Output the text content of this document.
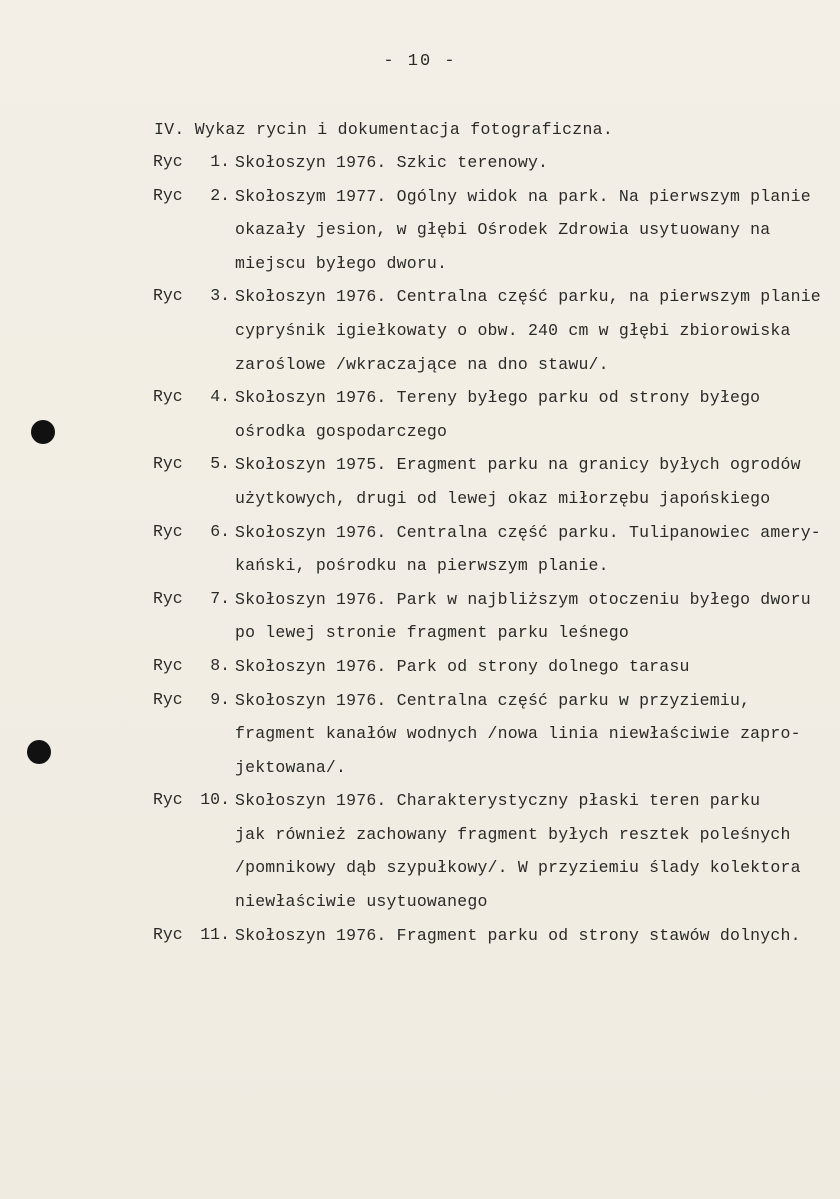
- 10 -
IV. Wykaz rycin i dokumentacja fotograficzna.
Ryc	1. Skołoszyn 1976. Szkic terenowy.
Ryc	2. Skołoszym 1977. Ogólny widok na park. Na pierwszym planie
okazały jesion, w głębi Ośrodek Zdrowia usytuowany na
miejscu byłego dworu.
Ryc	3. Skołoszyn 1976. Centralna część parku, na pierwszym planie
cypryśnik igiełkowaty o obw. 240 cm w głębi zbiorowiska
zaroślowe /wkraczające na dno stawu/.
Ryc	4. Skołoszyn 1976. Tereny byłego parku od strony byłego
ośrodka gospodarczego
Ryc	5. Skołoszyn 1975. Eragment parku na granicy byłych ogrodów
użytkowych, drugi od lewej okaz miłorzębu japońskiego
Ryc	6. Skołoszyn 1976. Centralna część parku. Tulipanowiec amery-
kański, pośrodku na pierwszym planie.
Ryc	7. Skołoszyn 1976. Park w najbliższym otoczeniu byłego dworu
po lewej stronie fragment parku leśnego
Ryc	8. Skołoszyn 1976. Park od strony dolnego tarasu
Ryc	9. Skołoszyn 1976. Centralna część parku w przyziemiu,
fragment kanałów wodnych /nowa linia niewłaściwie zapro-
jektowana/.
Ryc	10. Skołoszyn 1976. Charakterystyczny płaski teren parku
jak również zachowany fragment byłych resztek poleśnych
/pomnikowy dąb szypułkowy/. W przyziemiu ślady kolektora
niewłaściwie usytuowanego
Ryc	11. Skołoszyn 1976. Fragment parku od strony stawów dolnych.
